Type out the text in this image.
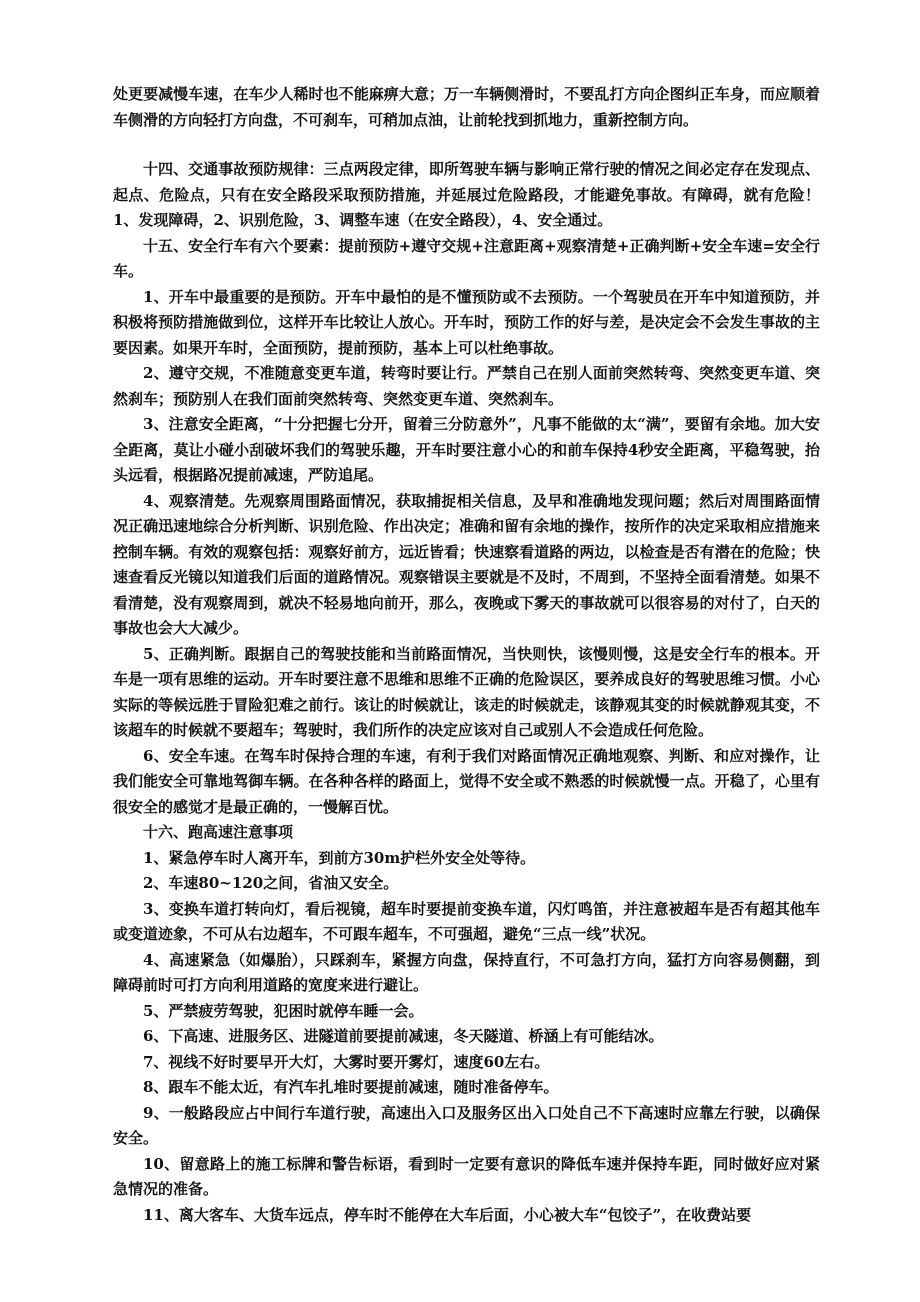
处更要减慢车速，在车少人稀时也不能麻痹大意；万一车辆侧滑时，不要乱打方向企图纠正车身，而应顺着车侧滑的方向轻打方向盘，不可刹车，可稍加点油，让前轮找到抓地力，重新控制方向。

十四、交通事故预防规律：三点两段定律，即所驾驶车辆与影响正常行驶的情况之间必定存在发现点、起点、危险点，只有在安全路段采取预防措施，并延展过危险路段，才能避免事故。有障碍，就有危险！1、发现障碍，2、识别危险，3、调整车速（在安全路段），4、安全通过。

十五、安全行车有六个要素：提前预防+遵守交规+注意距离+观察清楚+正确判断+安全车速=安全行车。

1、开车中最重要的是预防。开车中最怕的是不懂预防或不去预防。一个驾驶员在开车中知道预防，并积极将预防措施做到位，这样开车比较让人放心。开车时，预防工作的好与差，是决定会不会发生事故的主要因素。如果开车时，全面预防，提前预防，基本上可以杜绝事故。

2、遵守交规，不准随意变更车道，转弯时要让行。严禁自己在别人面前突然转弯、突然变更车道、突然刹车；预防别人在我们面前突然转弯、突然变更车道、突然刹车。

3、注意安全距离，“十分把握七分开，留着三分防意外”，凡事不能做的太“满”，要留有余地。加大安全距离，莫让小碰小刮破坏我们的驾驶乐趣，开车时要注意小心的和前车保持4秒安全距离，平稳驾驶，抬头远看，根据路况提前减速，严防追尾。

4、观察清楚。先观察周围路面情况，获取捕捉相关信息，及早和准确地发现问题；然后对周围路面情况正确迅速地综合分析判断、识别危险、作出决定；准确和留有余地的操作，按所作的决定采取相应措施来控制车辆。有效的观察包括：观察好前方，远近皆看；快速察看道路的两边，以检查是否有潜在的危险；快速查看反光镜以知道我们后面的道路情况。观察错误主要就是不及时，不周到，不坚持全面看清楚。如果不看清楚，没有观察周到，就决不轻易地向前开，那么，夜晚或下雾天的事故就可以很容易的对付了，白天的事故也会大大减少。

5、正确判断。跟据自己的驾驶技能和当前路面情况，当快则快，该慢则慢，这是安全行车的根本。开车是一项有思维的运动。开车时要注意不思维和思维不正确的危险误区，要养成良好的驾驶思维习惯。小心实际的等候远胜于冒险犯难之前行。该让的时候就让，该走的时候就走，该静观其变的时候就静观其变，不该超车的时候就不要超车；驾驶时，我们所作的决定应该对自己或别人不会造成任何危险。

6、安全车速。在驾车时保持合理的车速，有利于我们对路面情况正确地观察、判断、和应对操作，让我们能安全可靠地驾御车辆。在各种各样的路面上，觉得不安全或不熟悉的时候就慢一点。开稳了，心里有很安全的感觉才是最正确的，一慢解百忧。

十六、跑高速注意事项

1、紧急停车时人离开车，到前方30m护栏外安全处等待。

2、车速80~120之间，省油又安全。

3、变换车道打转向灯，看后视镜，超车时要提前变换车道，闪灯鸣笛，并注意被超车是否有超其他车或变道迹象，不可从右边超车，不可跟车超车，不可强超，避免“三点一线”状况。

4、高速紧急（如爆胎），只踩刹车，紧握方向盘，保持直行，不可急打方向，猛打方向容易侧翻，到障碍前时可打方向利用道路的宽度来进行避让。

5、严禁疲劳驾驶，犯困时就停车睡一会。

6、下高速、进服务区、进隧道前要提前减速，冬天隧道、桥涵上有可能结冰。

7、视线不好时要早开大灯，大雾时要开雾灯，速度60左右。

8、跟车不能太近，有汽车扎堆时要提前减速，随时准备停车。

9、一般路段应占中间行车道行驶，高速出入口及服务区出入口处自己不下高速时应靠左行驶，以确保安全。

10、留意路上的施工标牌和警告标语，看到时一定要有意识的降低车速并保持车距，同时做好应对紧急情况的准备。

11、离大客车、大货车远点，停车时不能停在大车后面，小心被大车“包饺子”，在收费站要
